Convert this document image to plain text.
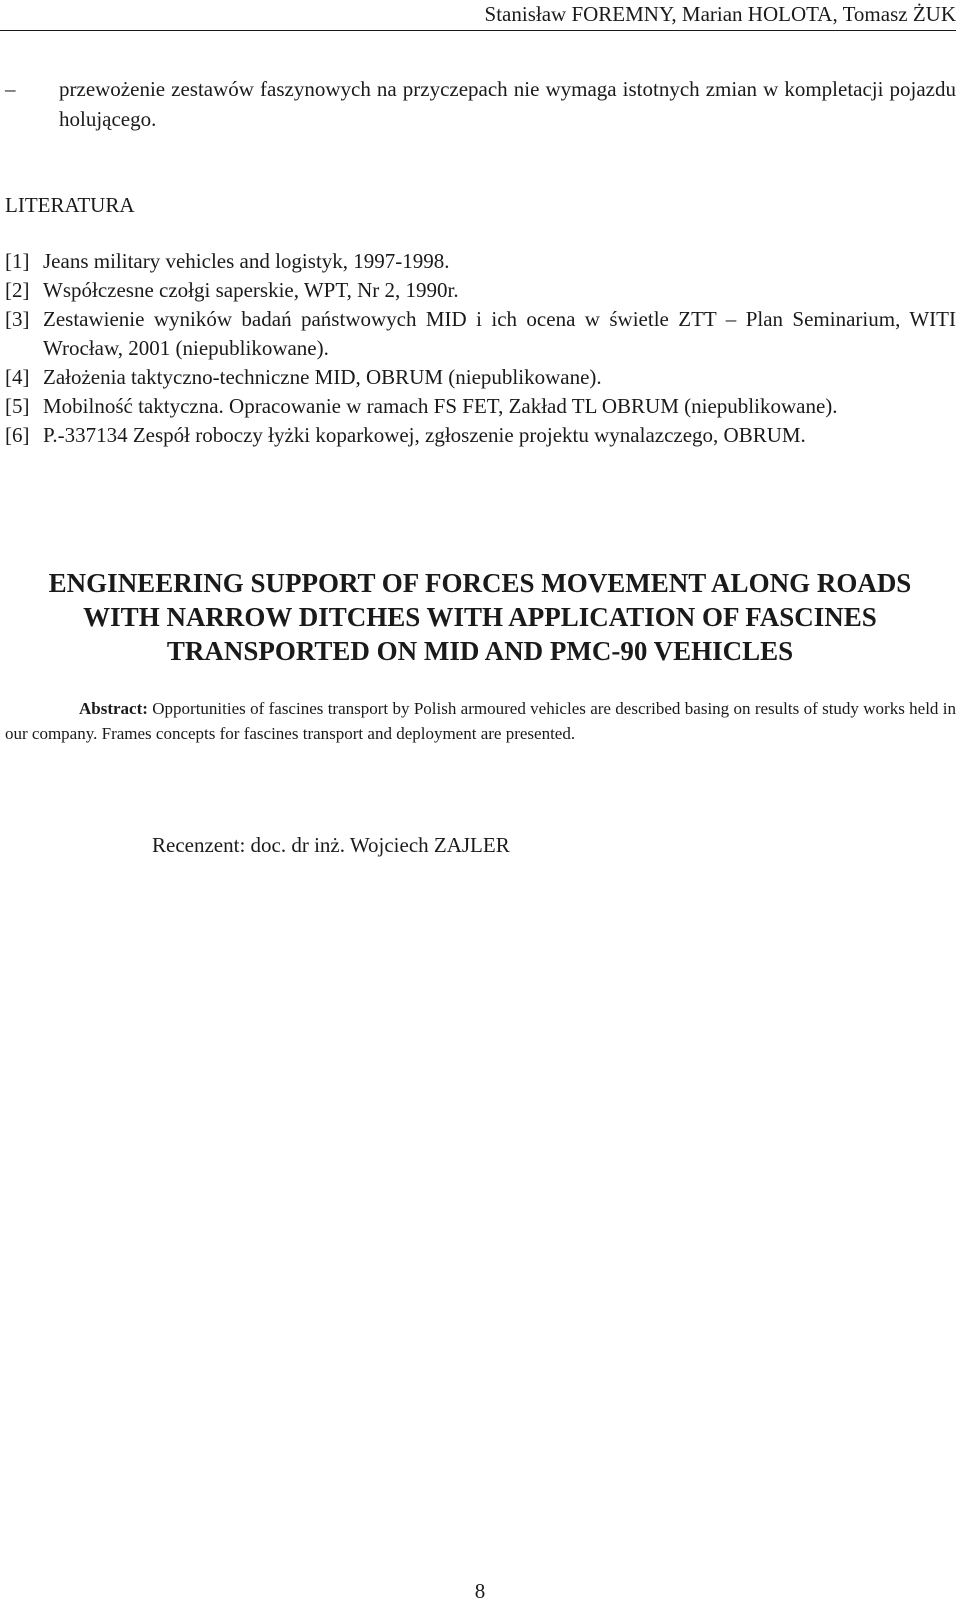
Stanisław FOREMNY, Marian HOLOTA, Tomasz ŻUK
– przewożenie zestawów faszynowych na przyczepach nie wymaga istotnych zmian w kompletacji pojazdu holującego.
LITERATURA
[1] Jeans military vehicles and logistyk, 1997-1998.
[2] Współczesne czołgi saperskie, WPT, Nr 2, 1990r.
[3] Zestawienie wyników badań państwowych MID i ich ocena w świetle ZTT – Plan Seminarium, WITI Wrocław, 2001 (niepublikowane).
[4] Założenia taktyczno-techniczne MID, OBRUM (niepublikowane).
[5] Mobilność taktyczna. Opracowanie w ramach FS FET, Zakład TL OBRUM (niepublikowane).
[6] P.-337134 Zespół roboczy łyżki koparkowej, zgłoszenie projektu wynalazczego, OBRUM.
ENGINEERING SUPPORT OF FORCES MOVEMENT ALONG ROADS
WITH NARROW DITCHES WITH APPLICATION OF FASCINES
TRANSPORTED ON MID AND PMC-90 VEHICLES
Abstract: Opportunities of fascines transport by Polish armoured vehicles are described basing on results of study works held in our company. Frames concepts for fascines transport and deployment are presented.
Recenzent: doc. dr inż. Wojciech ZAJLER
8
